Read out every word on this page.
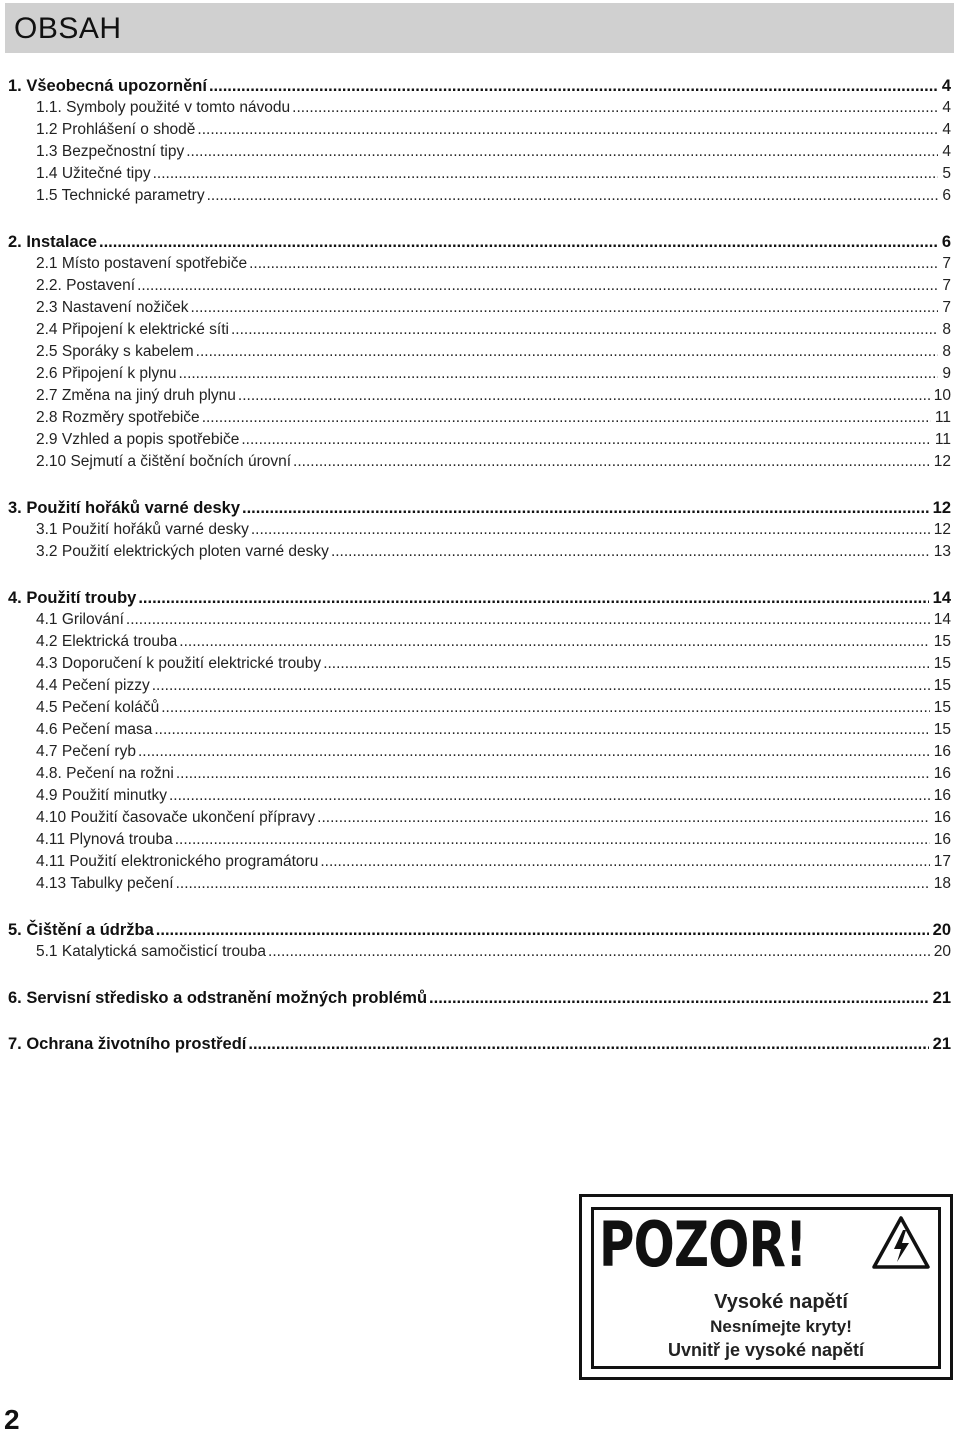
OBSAH
1. Všeobecná upozornění .....	4
1.1. Symboly použité v tomto návodu .....	4
1.2 Prohlášení o shodě .....	4
1.3 Bezpečnostní tipy .....	4
1.4 Užitečné tipy .....	5
1.5 Technické parametry .....	6
2. Instalace .....	6
2.1 Místo postavení spotřebiče .....	7
2.2. Postavení .....	7
2.3 Nastavení nožiček .....	7
2.4 Připojení k elektrické síti .....	8
2.5 Sporáky s kabelem .....	8
2.6 Připojení k plynu .....	9
2.7 Změna na jiný druh plynu .....	10
2.8 Rozměry spotřebiče .....	11
2.9 Vzhled a popis spotřebiče .....	11
2.10 Sejmutí a čištění bočních úrovní .....	12
3. Použití hořáků varné desky .....	12
3.1 Použití hořáků varné desky .....	12
3.2 Použití elektrických ploten varné desky .....	13
4. Použití trouby .....	14
4.1 Grilování .....	14
4.2 Elektrická trouba .....	15
4.3 Doporučení k použití elektrické trouby .....	15
4.4 Pečení pizzy .....	15
4.5 Pečení koláčů .....	15
4.6 Pečení masa .....	15
4.7 Pečení ryb .....	16
4.8. Pečení na rožni .....	16
4.9 Použití minutky .....	16
4.10 Použití časovače ukončení přípravy .....	16
4.11 Plynová trouba .....	16
4.11 Použití elektronického programátoru .....	17
4.13 Tabulky pečení .....	18
5. Čištění a údržba .....	20
5.1 Katalytická samočisticí trouba .....	20
6. Servisní středisko a odstranění možných problémů .....	21
7. Ochrana životního prostředí .....	21
POZOR!
Vysoké napětí
Nesnímejte kryty!
Uvnitř je vysoké napětí
2
